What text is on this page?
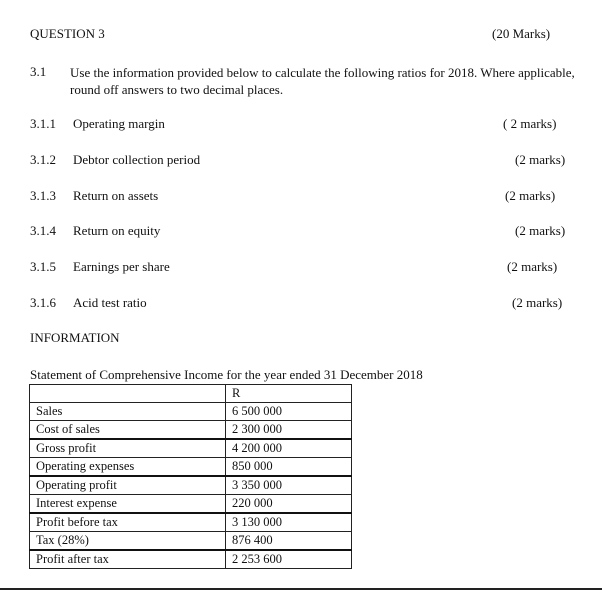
QUESTION 3	(20 Marks)
3.1 Use the information provided below to calculate the following ratios for 2018. Where applicable,
round off answers to two decimal places.
3.1.1 Operating margin	( 2 marks)
3.1.2 Debtor collection period	(2 marks)
3.1.3 Return on assets	(2 marks)
3.1.4 Return on equity	(2 marks)
3.1.5 Earnings per share	(2 marks)
3.1.6 Acid test ratio	(2 marks)
INFORMATION
Statement of Comprehensive Income for the year ended 31 December 2018
	R
Sales	6 500 000
Cost of sales	2 300 000
Gross profit	4 200 000
Operating expenses	850 000
Operating profit	3 350 000
Interest expense	220 000
Profit before tax	3 130 000
Tax (28%)	876 400
Profit after tax	2 253 600
